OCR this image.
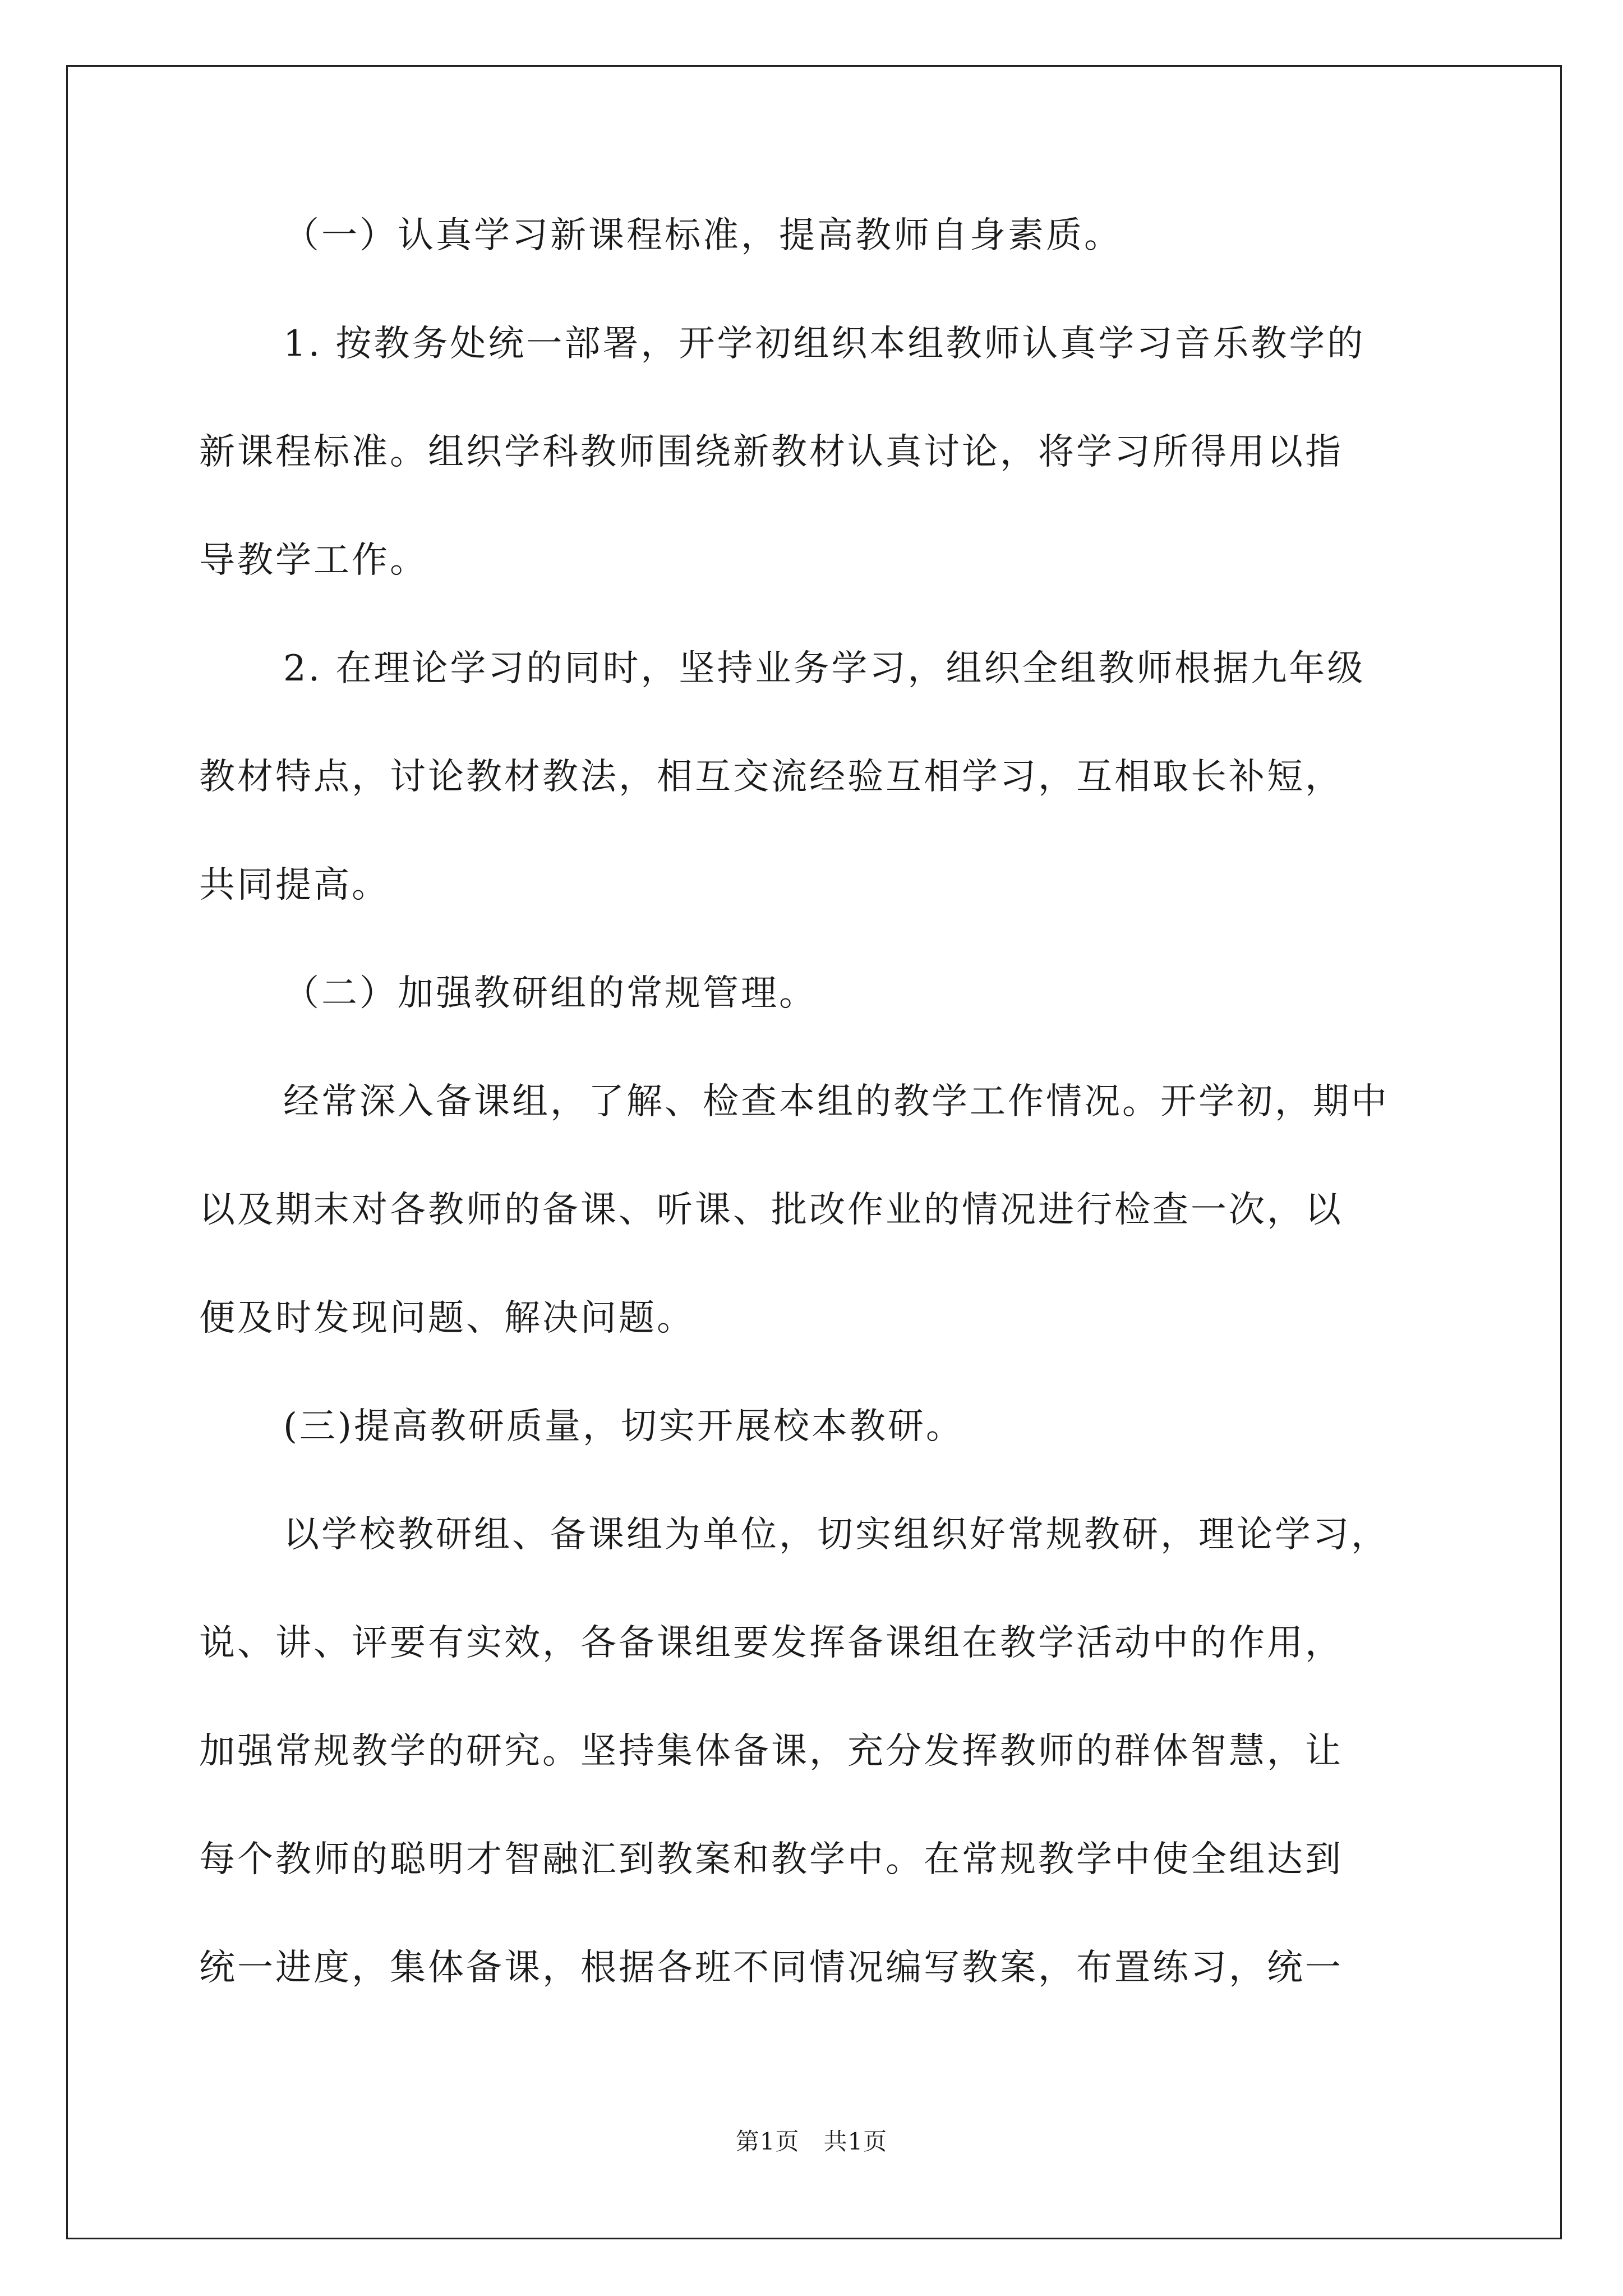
（一）认真学习新课程标准，提高教师自身素质。
1. 按教务处统一部署，开学初组织本组教师认真学习音乐教学的
新课程标准。组织学科教师围绕新教材认真讨论，将学习所得用以指
导教学工作。
2. 在理论学习的同时，坚持业务学习，组织全组教师根据九年级
教材特点，讨论教材教法，相互交流经验互相学习，互相取长补短，
共同提高。
（二）加强教研组的常规管理。
经常深入备课组，了解、检查本组的教学工作情况。开学初，期中
以及期末对各教师的备课、听课、批改作业的情况进行检查一次，以
便及时发现问题、解决问题。
(三)提高教研质量，切实开展校本教研。
以学校教研组、备课组为单位，切实组织好常规教研，理论学习，
说、讲、评要有实效，各备课组要发挥备课组在教学活动中的作用，
加强常规教学的研究。坚持集体备课，充分发挥教师的群体智慧，让
每个教师的聪明才智融汇到教案和教学中。在常规教学中使全组达到
统一进度，集体备课，根据各班不同情况编写教案，布置练习，统一
第1页　共1页
